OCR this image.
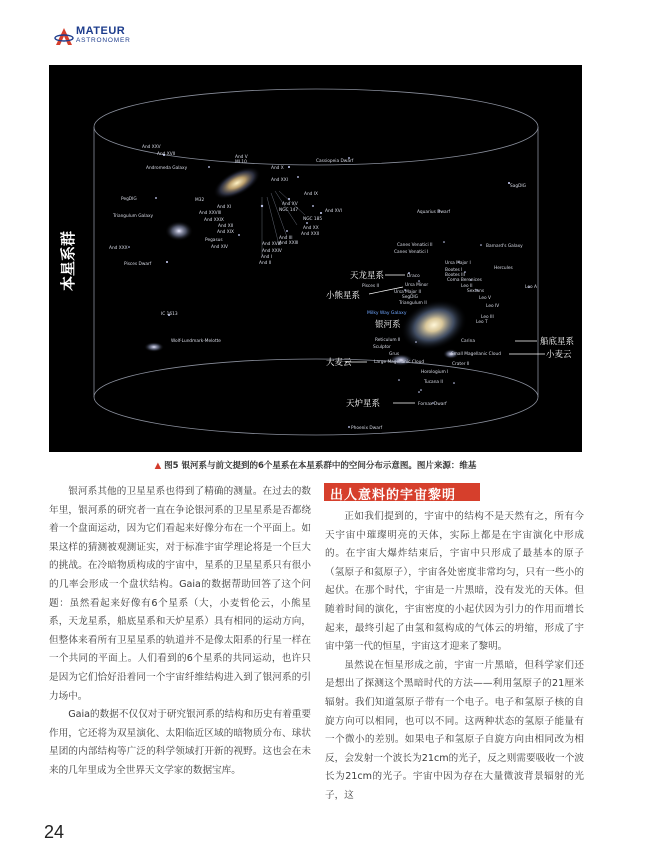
MATEUR
ASTRONOMER
本星系群
Milky Way Galaxy
银河系
天龙星系
小熊星系
船底星系
大麦云
小麦云
天炉星系
And XXV
And XVII
And V
MI 10
Andromeda Galaxy	And X
Cassiopeia Dwarf
And XXI
And IX
SagDIG
PegDIG	M32
And XV
NGC 147	And XVI
And XI
And XXVIII
NGC 185
Triangulum Galaxy
And XXIX
And XII
And XIX
And XX
And XXII
Aquarius Dwarf
Pegasus	And III
And XXIII
And XIV
And XVIII
And XXIV
And I
And II
Canes Venatici II
Canes Venatici I
Barnard's Galaxy
And XXX
Pisces Dwarf	Ursa Major I
Bootes I
Bootes III
Coma Berenices
Leo II
Hercules
Draco
Ursa Minor
Pisces II
Ursa Major II
SegDIG
Triangulum II
Sextans
Leo V
Leo A
Leo IV
Leo III
Leo T
IC 1613
Wolf-Lundmark-Melotte	Carina
Reticulum II
Sculptor
Small Magellanic Cloud
Grus
Crater II
Large Magellanic Cloud
Horologium I
Tucana II
Fornax Dwarf
Phoenix Dwarf
▲ 图5 银河系与前文提到的6个星系在本星系群中的空间分布示意图。图片来源：维基

银河系其他的卫星星系也得到了精确的测量。在过去的数年里，银河系的研究者一直在争论银河系的卫星星系是否都绕着一个盘面运动，因为它们看起来好像分布在一个平面上。如果这样的猜测被观测证实，对于标准宇宙学理论将是一个巨大的挑战。在冷暗物质构成的宇宙中，星系的卫星星系只有很小的几率会形成一个盘状结构。Gaia的数据帮助回答了这个问题：虽然看起来好像有6个星系（大，小麦哲伦云，小熊星系，天龙星系，船底星系和天炉星系）具有相同的运动方向，但整体来看所有卫星星系的轨道并不是像太阳系的行星一样在一个共同的平面上。人们看到的6个星系的共同运动，也许只是因为它们恰好沿着同一个宇宙纤维结构进入到了银河系的引力场中。

Gaia的数据不仅仅对于研究银河系的结构和历史有着重要作用，它还将为双星演化、太阳临近区域的暗物质分布、球状星团的内部结构等广泛的科学领域打开新的视野。这也会在未来的几年里成为全世界天文学家的数据宝库。

出人意料的宇宙黎明

正如我们提到的，宇宙中的结构不是天然有之，所有今天宇宙中璀璨明亮的天体，实际上都是在宇宙演化中形成的。在宇宙大爆炸结束后，宇宙中只形成了最基本的原子（氢原子和氦原子），宇宙各处密度非常均匀，只有一些小的起伏。在那个时代，宇宙是一片黑暗，没有发光的天体。但随着时间的演化，宇宙密度的小起伏因为引力的作用而增长起来，最终引起了由氢和氦构成的气体云的坍缩，形成了宇宙中第一代的恒星，宇宙这才迎来了黎明。

虽然说在恒星形成之前，宇宙一片黑暗，但科学家们还是想出了探测这个黑暗时代的方法——利用氢原子的21厘米辐射。我们知道氢原子带有一个电子。电子和氢原子核的自旋方向可以相同，也可以不同。这两种状态的氢原子能量有一个微小的差别。如果电子和氢原子自旋方向由相同改为相反，会发射一个波长为21cm的光子，反之则需要吸收一个波长为21cm的光子。宇宙中因为存在大量微波背景辐射的光子，这

24
